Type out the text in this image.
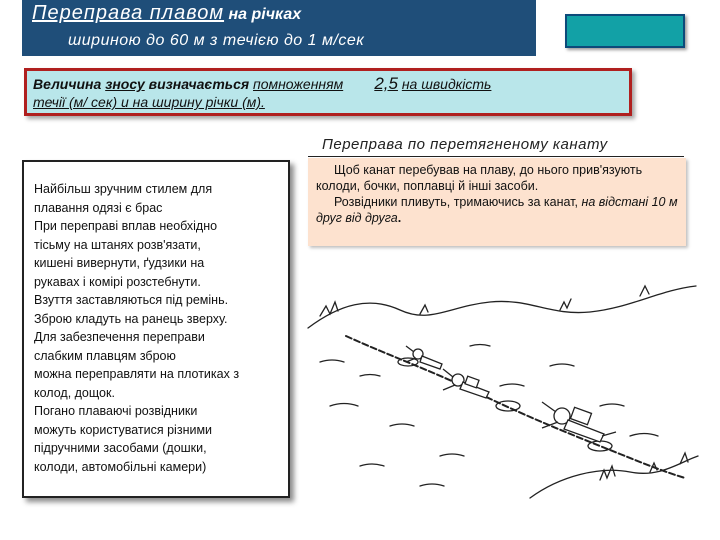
Переправа плавом на річках
шириною до 60 м з течією до 1 м/сек
Величина зносу визначається помноженням 2,5 на швидкість
течії (м/ сек) и на ширину річки (м).
Переправа по перетягненому канату

Щоб канат перебував на плаву, до нього прив'язують колоди, бочки, поплавці й інші засоби.

Розвідники пливуть, тримаючись за канат, на відстані 10 м друг від друга.

Найбільш зручним стилем для
плавання одязі є брас
При переправі вплав необхідно
тісьму на штанях розв'язати,
кишені вивернути, ґудзики на
рукавах і комірі розстебнути.
Взуття заставляються під ремінь.
Зброю кладуть на ранець зверху.
Для забезпечення переправи
слабким плавцям зброю
можна переправляти на плотиках з
колод, дощок.
Погано плаваючі розвідники
можуть користуватися різними
підручними засобами (дошки,
колоди, автомобільні камери)
